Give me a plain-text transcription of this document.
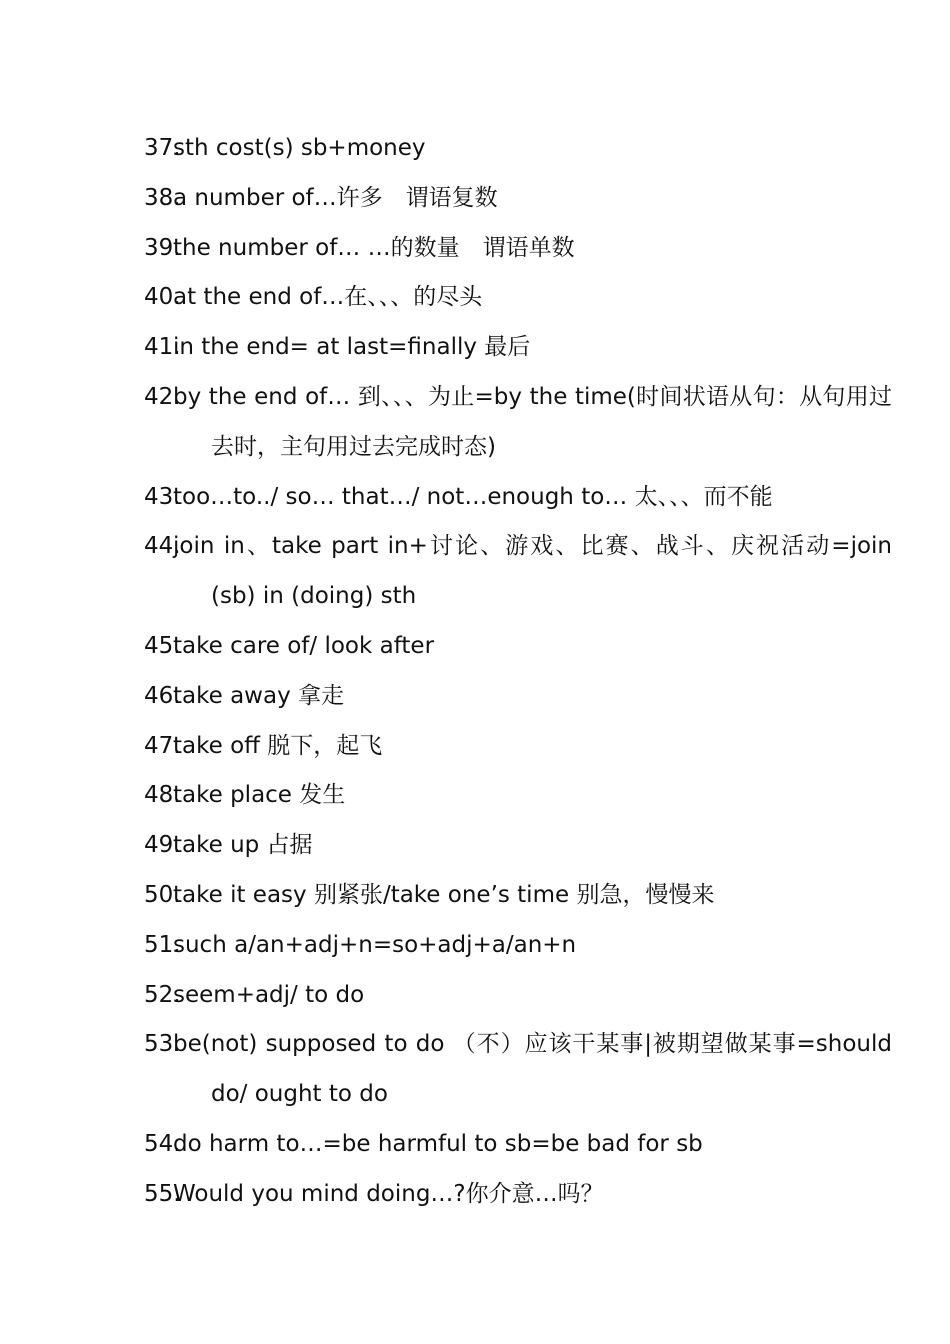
37.
sth cost(s) sb+money
38.
a number of…许多　谓语复数
39.
the number of… …的数量　谓语单数
40.
at the end of…在、、、的尽头
41.
in the end= at last=finally 最后
42.
by the end of… 到、、、为止=by the time(时间状语从句：从句用过去时，主句用过去完成时态)
43.
too…to../ so… that…/ not…enough to… 太、、、而不能
44.
join in、take part in+讨论、游戏、比赛、战斗、庆祝活动=join (sb) in (doing) sth
45.
take care of/ look after
46.
take away 拿走
47.
take off 脱下，起飞
48.
take place 发生
49.
take up 占据
50.
take it easy 别紧张/take one’s time 别急，慢慢来
51.
such a/an+adj+n=so+adj+a/an+n
52.
seem+adj/ to do
53.
be(not) supposed to do （不）应该干某事|被期望做某事=should do/ ought to do
54.
do harm to…=be harmful to sb=be bad for sb
55.
Would you mind doing…?你介意…吗？
